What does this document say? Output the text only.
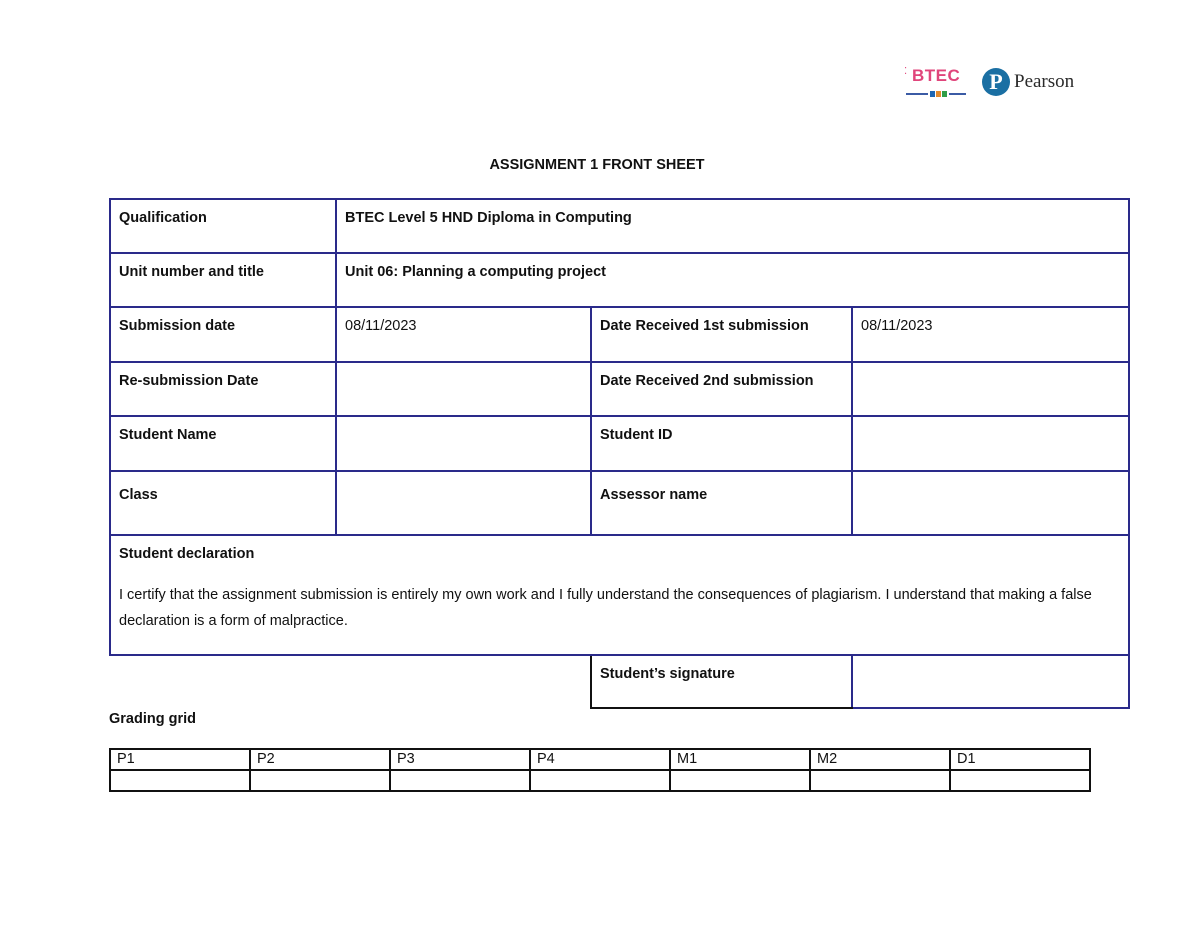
⁚ BTEC	P Pearson
ASSIGNMENT 1 FRONT SHEET
Qualification	BTEC Level 5 HND Diploma in Computing		
Unit number and title	Unit 06: Planning a computing project		
Submission date	08/11/2023	Date Received 1st submission	08/11/2023
Re-submission Date		Date Received 2nd submission	
Student Name		Student ID	
Class		Assessor name	

Student declaration
I certify that the assignment submission is entirely my own work and I fully understand the consequences of plagiarism. I understand that making a false declaration is a form of malpractice.			

		Student’s signature	
Grading grid
P1	P2	P3	P4	M1	M2	D1
